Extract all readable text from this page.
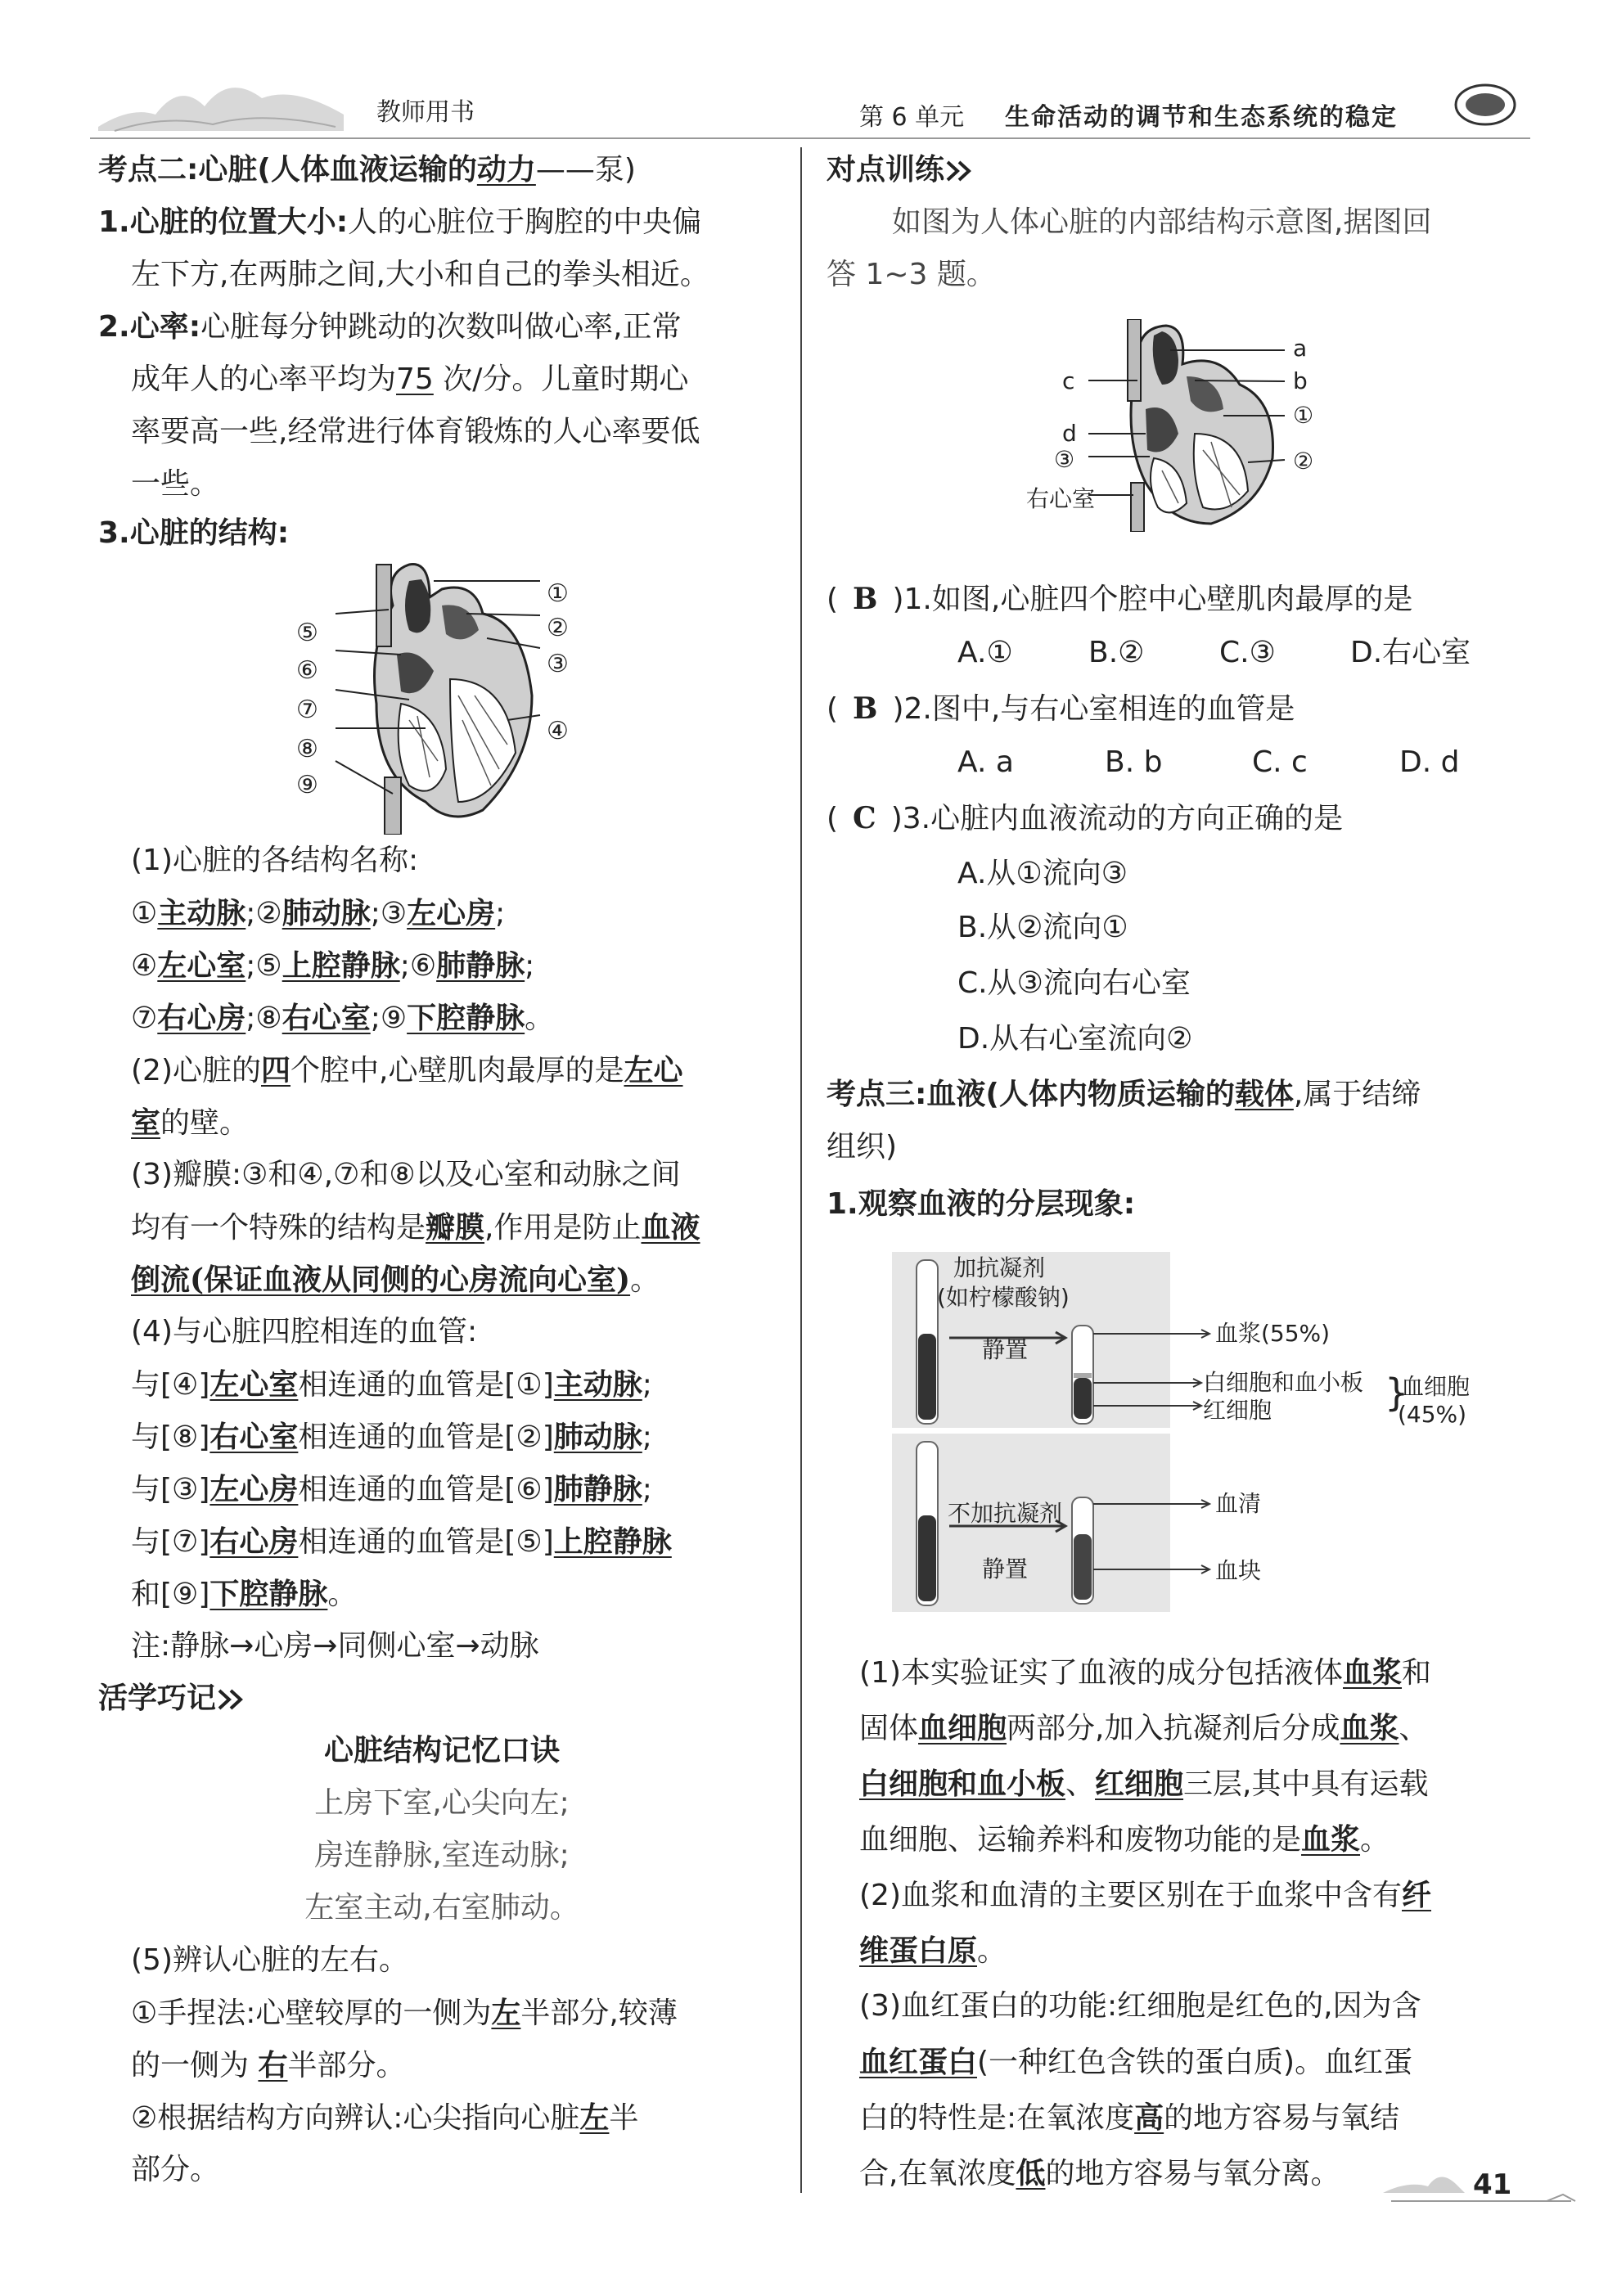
教师用书	第 6 单元 生命活动的调节和生态系统的稳定
考点二:心脏(人体血液运输的动力——泵)
1.心脏的位置大小:人的心脏位于胸腔的中央偏
左下方,在两肺之间,大小和自己的拳头相近。
2.心率:心脏每分钟跳动的次数叫做心率,正常
成年人的心率平均为75 次/分。儿童时期心
率要高一些,经常进行体育锻炼的人心率要低
一些。
3.心脏的结构:
①
②
③
④
⑤
⑥
⑦
⑧
⑨
(1)心脏的各结构名称:
①主动脉;②肺动脉;③左心房;
④左心室;⑤上腔静脉;⑥肺静脉;
⑦右心房;⑧右心室;⑨下腔静脉。
(2)心脏的四个腔中,心壁肌肉最厚的是左心
室的壁。
(3)瓣膜:③和④,⑦和⑧以及心室和动脉之间
均有一个特殊的结构是瓣膜,作用是防止血液
倒流(保证血液从同侧的心房流向心室)。
(4)与心脏四腔相连的血管:
与[④]左心室相连通的血管是[①]主动脉;
与[⑧]右心室相连通的血管是[②]肺动脉;
与[③]左心房相连通的血管是[⑥]肺静脉;
与[⑦]右心房相连通的血管是[⑤]上腔静脉
和[⑨]下腔静脉。
注:静脉→心房→同侧心室→动脉
活学巧记
心脏结构记忆口诀
上房下室,心尖向左;
房连静脉,室连动脉;
左室主动,右室肺动。
(5)辨认心脏的左右。
①手捏法:心壁较厚的一侧为左半部分,较薄
的一侧为 右半部分。
②根据结构方向辨认:心尖指向心脏左半
部分。
对点训练
如图为人体心脏的内部结构示意图,据图回
答 1~3 题。
a
b
c
①
②
③
d
右心室
( B )1.如图,心脏四个腔中心壁肌肉最厚的是
A.①	B.②	C.③	D.右心室
( B )2.图中,与右心室相连的血管是
A. a	B. b	C. c	D. d
( C )3.心脏内血液流动的方向正确的是
A.从①流向③
B.从②流向①
C.从③流向右心室
D.从右心室流向②
考点三:血液(人体内物质运输的载体,属于结缔
组织)
1.观察血液的分层现象:
加抗凝剂
(如柠檬酸钠)
静置
血浆(55%)
白细胞和血小板
红细胞	}
血细胞
(45%)
不加抗凝剂
静置
血清
血块
(1)本实验证实了血液的成分包括液体血浆和
固体血细胞两部分,加入抗凝剂后分成血浆、
白细胞和血小板、红细胞三层,其中具有运载
血细胞、运输养料和废物功能的是血浆。
(2)血浆和血清的主要区别在于血浆中含有纤
维蛋白原。
(3)血红蛋白的功能:红细胞是红色的,因为含
血红蛋白(一种红色含铁的蛋白质)。血红蛋
白的特性是:在氧浓度高的地方容易与氧结
合,在氧浓度低的地方容易与氧分离。	41
